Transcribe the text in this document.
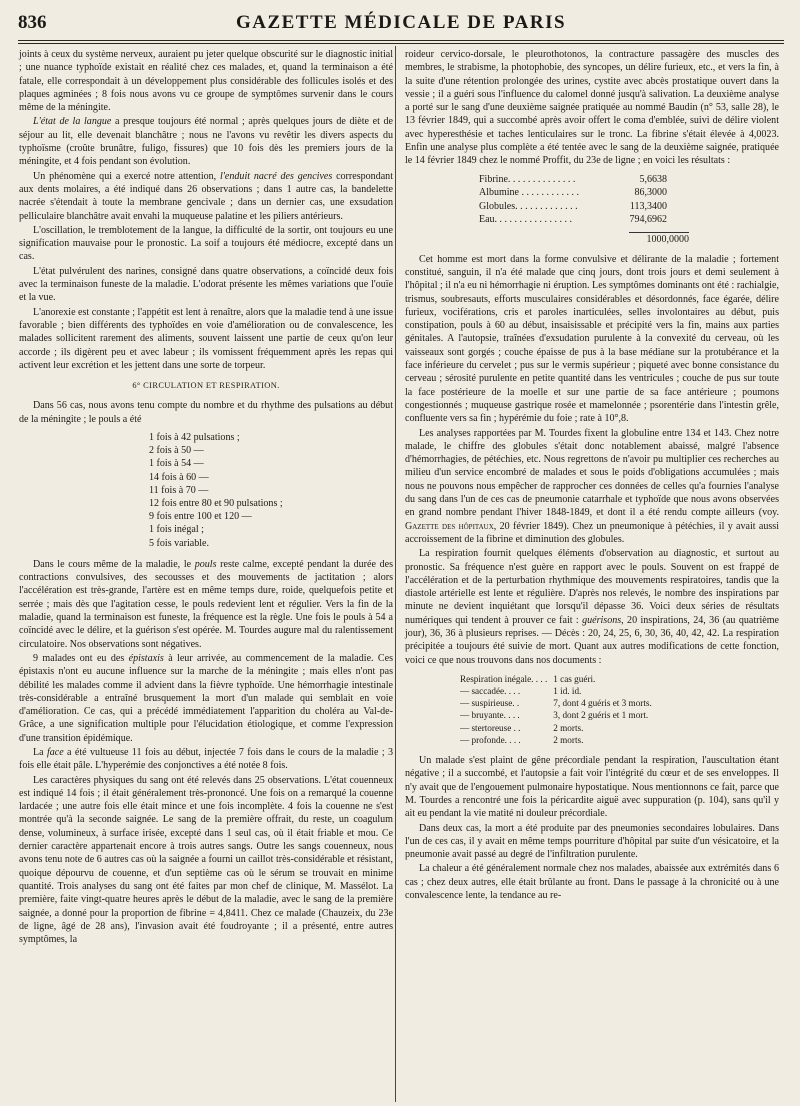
836	GAZETTE MÉDICALE DE PARIS

joints à ceux du système nerveux, auraient pu jeter quelque obscurité sur le diagnostic initial ; une nuance typhoïde existait en réalité chez ces malades, et, quand la terminaison a été fatale, elle correspondait à un développement plus considérable des follicules isolés et des plaques agminées ; 8 fois nous avons vu ce groupe de symptômes survenir dans le cours même de la méningite.

L'état de la langue a presque toujours été normal ; après quelques jours de diète et de séjour au lit, elle devenait blanchâtre ; nous ne l'avons vu revêtir les divers aspects du typhoïsme (croûte brunâtre, fuligo, fissures) que 10 fois dès les premiers jours de la méningite, et 4 fois pendant son évolution.

Un phénomène qui a exercé notre attention, l'enduit nacré des gencives correspondant aux dents molaires, a été indiqué dans 26 observations ; dans 1 autre cas, la bandelette nacrée s'étendait à toute la membrane gencivale ; dans un dernier cas, une exsudation pelliculaire blanchâtre avait envahi la muqueuse palatine et les piliers antérieurs.

L'oscillation, le tremblotement de la langue, la difficulté de la sortir, ont toujours eu une signification mauvaise pour le pronostic. La soif a toujours été médiocre, excepté dans un cas.

L'état pulvérulent des narines, consigné dans quatre observations, a coïncidé deux fois avec la terminaison funeste de la maladie. L'odorat présente les mêmes variations que l'ouïe et la vue.

L'anorexie est constante ; l'appétit est lent à renaître, alors que la maladie tend à une issue favorable ; bien différents des typhoïdes en voie d'amélioration ou de convalescence, les malades sollicitent rarement des aliments, souvent laissent une partie de ceux qu'on leur accorde ; ils digèrent peu et avec labeur ; ils vomissent fréquemment après les repas qui activent leur excrétion et les jettent dans une sorte de torpeur.

6° CIRCULATION ET RESPIRATION.

Dans 56 cas, nous avons tenu compte du nombre et du rhythme des pulsations au début de la méningite ; le pouls a été

1 fois à 42 pulsations ;
2 fois à 50 —
1 fois à 54 —
14 fois à 60 —
11 fois à 70 —
12 fois entre 80 et 90 pulsations ;
9 fois entre 100 et 120 —
1 fois inégal ;
5 fois variable.

Dans le cours même de la maladie, le pouls reste calme, excepté pendant la durée des contractions convulsives, des secousses et des mouvements de jactitation ; alors l'accélération est très-grande, l'artère est en même temps dure, roide, quelquefois petite et serrée ; mais dès que l'agitation cesse, le pouls redevient lent et régulier. Vers la fin de la maladie, quand la terminaison est funeste, la fréquence est la règle. Une fois le pouls à 54 a coïncidé avec le délire, et la guérison s'est opérée. M. Tourdes augure mal du ralentissement circulatoire. Nos observations sont négatives.

9 malades ont eu des épistaxis à leur arrivée, au commencement de la maladie. Ces épistaxis n'ont eu aucune influence sur la marche de la méningite ; mais elles n'ont pas débilité les malades comme il advient dans la fièvre typhoïde. Une hémorrhagie intestinale très-considérable a entraîné brusquement la mort d'un malade qui semblait en voie d'amélioration. Ce cas, qui a précédé immédiatement l'apparition du choléra au Val-de-Grâce, a une signification multiple pour l'élucidation étiologique, et comme l'expression d'une transition épidémique.

La face a été vultueuse 11 fois au début, injectée 7 fois dans le cours de la maladie ; 3 fois elle était pâle. L'hyperémie des conjonctives a été notée 8 fois.

Les caractères physiques du sang ont été relevés dans 25 observations. L'état couenneux est indiqué 14 fois ; il était généralement très-prononcé. Une fois on a remarqué la couenne lardacée ; une autre fois elle était mince et une fois incomplète. 4 fois la couenne ne s'est montrée qu'à la seconde saignée. Le sang de la première offrait, du reste, un coagulum dense, volumineux, à surface irisée, excepté dans 1 seul cas, où il était friable et mou. Ce dernier caractère appartenait encore à trois autres sangs. Outre les sangs couenneux, nous avons tenu note de 6 autres cas où la saignée a fourni un caillot très-considérable et résistant, quoique dépourvu de couenne, et d'un septième cas où le sérum se trouvait en minime quantité. Trois analyses du sang ont été faites par mon chef de clinique, M. Massélot. La première, faite vingt-quatre heures après le début de la maladie, avec le sang de la première saignée, a donné pour la proportion de fibrine = 4,8411. Chez ce malade (Chauzeix, du 23e de ligne, âgé de 28 ans), l'invasion avait été foudroyante ; il a présenté, entre autres symptômes, la

roideur cervico-dorsale, le pleurothotonos, la contracture passagère des muscles des membres, le strabisme, la photophobie, des syncopes, un délire furieux, etc., et vers la fin, à la suite d'une rétention prolongée des urines, cystite avec abcès prostatique ouvert dans la vessie ; il a guéri sous l'influence du calomel donné jusqu'à salivation. La deuxième analyse a porté sur le sang d'une deuxième saignée pratiquée au nommé Baudin (n° 53, salle 28), le 13 février 1849, qui a succombé après avoir offert le coma d'emblée, suivi de délire violent avec hyperesthésie et taches lenticulaires sur le tronc. La fibrine s'était élevée à 4,0023. Enfin une analyse plus complète a été tentée avec le sang de la deuxième saignée, pratiquée le 14 février 1849 chez le nommé Proffit, du 23e de ligne ; en voici les résultats :

Fibrine. . . . . . . . . . . . . .	5,6638
Albumine . . . . . . . . . . . .	86,3000
Globules. . . . . . . . . . . . .	113,3400
Eau. . . . . . . . . . . . . . . .	794,6962
1000,0000

Cet homme est mort dans la forme convulsive et délirante de la maladie ; fortement constitué, sanguin, il n'a été malade que cinq jours, dont trois jours et demi seulement à l'hôpital ; il n'a eu ni hémorrhagie ni éruption. Les symptômes dominants ont été : rachialgie, trismus, soubresauts, efforts musculaires considérables et désordonnés, face égarée, délire furieux, vociférations, cris et paroles inarticulées, selles involontaires au début, puis constipation, pouls à 60 au début, insaisissable et précipité vers la fin, mains aux parties génitales. A l'autopsie, traînées d'exsudation purulente à la convexité du cerveau, où les vaisseaux sont gorgés ; couche épaisse de pus à la base médiane sur la protubérance et la face inférieure du cervelet ; pus sur le vermis supérieur ; piqueté avec bonne consistance du cerveau ; sérosité purulente en petite quantité dans les ventricules ; couche de pus sur toute la face postérieure de la moelle et sur une partie de sa face antérieure ; poumons congestionnés ; muqueuse gastrique rosée et mamelonnée ; psorentérie dans l'intestin grêle, confluente vers sa fin ; hypérémie du foie ; rate à 10°,8.

Les analyses rapportées par M. Tourdes fixent la globuline entre 134 et 143. Chez notre malade, le chiffre des globules s'était donc notablement abaissé, malgré l'absence d'hémorrhagies, de pétéchies, etc. Nous regrettons de n'avoir pu multiplier ces recherches au milieu d'un service encombré de malades et sous le poids d'obligations accumulées ; mais nous ne pouvons nous empêcher de rapprocher ces données de celles qu'a fournies l'analyse du sang dans l'un de ces cas de pneumonie catarrhale et typhoïde que nous avons observées en grand nombre pendant l'hiver 1848-1849, et dont il a été rendu compte ailleurs (voy. Gazette des hôpitaux, 20 février 1849). Chez un pneumonique à pétéchies, il y avait aussi accroissement de la fibrine et diminution des globules.

La respiration fournit quelques éléments d'observation au diagnostic, et surtout au pronostic. Sa fréquence n'est guère en rapport avec le pouls. Souvent on est frappé de l'accélération et de la perturbation rhythmique des mouvements respiratoires, tandis que la diastole artérielle est lente et régulière. D'après nos relevés, le nombre des inspirations par minute ne devient inquiétant que lorsqu'il dépasse 36. Voici deux séries de résultats numériques qui tendent à prouver ce fait : guérisons, 20 inspirations, 24, 36 (au quatrième jour), 36, 36 à plusieurs reprises. — Décès : 20, 24, 25, 6, 30, 36, 40, 42, 42. La respiration précipitée a toujours été suivie de mort. Quant aux autres modifications de cette fonction, voici ce que nous trouvons dans nos documents :

Respiration inégale. . . .	1 cas guéri.
— saccadée. . . .	1 id. id.
— suspirieuse. .	7, dont 4 guéris et 3 morts.
— bruyante. . . .	3, dont 2 guéris et 1 mort.
— stertoreuse . .	2 morts.
— profonde. . . .	2 morts.

Un malade s'est plaint de gêne précordiale pendant la respiration, l'auscultation étant négative ; il a succombé, et l'autopsie a fait voir l'intégrité du cœur et de ses enveloppes. Il n'y avait que de l'engouement pulmonaire hypostatique. Nous mentionnons ce fait, parce que M. Tourdes a rencontré une fois la péricardite aiguë avec suppuration (p. 104), sans qu'il y ait eu pendant la vie matité ni douleur précordiale.

Dans deux cas, la mort a été produite par des pneumonies secondaires lobulaires. Dans l'un de ces cas, il y avait en même temps pourriture d'hôpital par suite d'un vésicatoire, et la pneumonie avait passé au degré de l'infiltration purulente.

La chaleur a été généralement normale chez nos malades, abaissée aux extrémités dans 6 cas ; chez deux autres, elle était brûlante au front. Dans le passage à la chronicité ou à une convalescence lente, la tendance au re-
